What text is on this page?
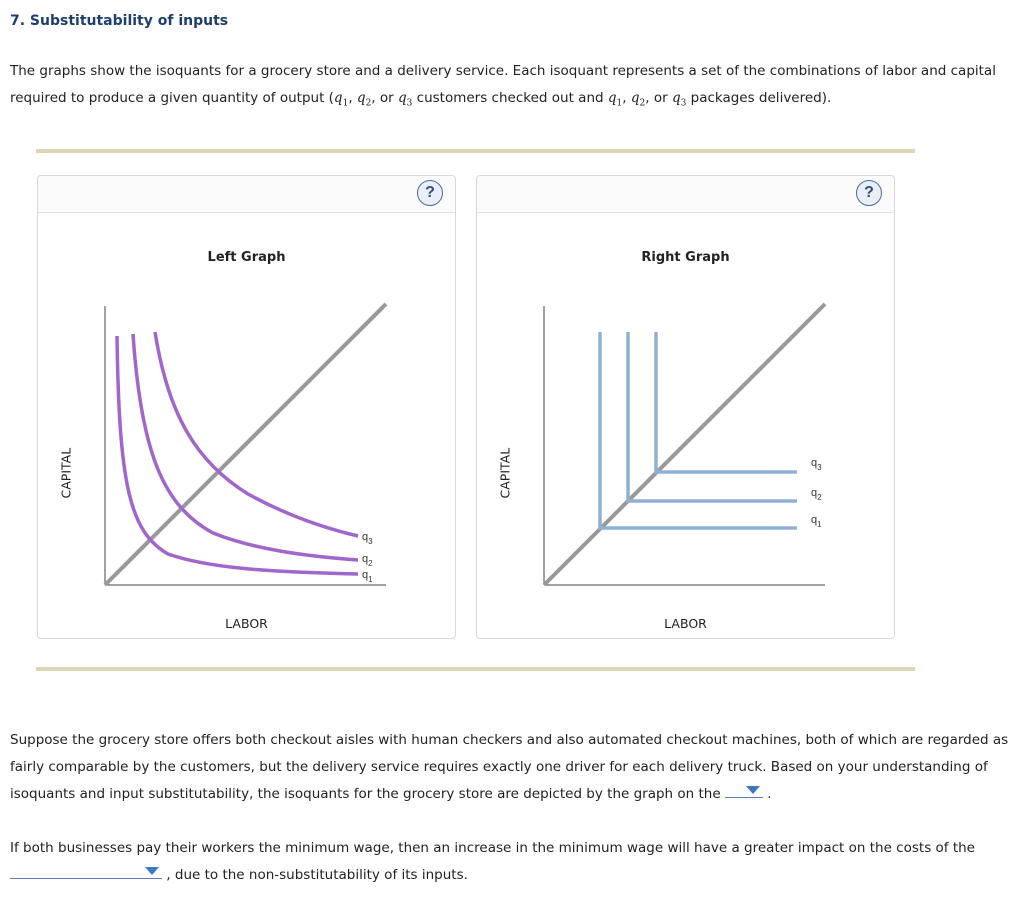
7. Substitutability of inputs
The graphs show the isoquants for a grocery store and a delivery service. Each isoquant represents a set of the combinations of labor and capital
required to produce a given quantity of output ($q_1$, $q_2$, or $q_3$ customers checked out and $q_1$, $q_2$, or $q_3$ packages delivered).
?
Left Graph
CAPITAL
LABOR
$q_3$
$q_2$
$q_1$
?
Right Graph
CAPITAL
LABOR
$q_3$
$q_2$
$q_1$
Suppose the grocery store offers both checkout aisles with human checkers and also automated checkout machines, both of which are regarded as
fairly comparable by the customers, but the delivery service requires exactly one driver for each delivery truck. Based on your understanding of
isoquants and input substitutability, the isoquants for the grocery store are depicted by the graph on the	.
If both businesses pay their workers the minimum wage, then an increase in the minimum wage will have a greater impact on the costs of the
, due to the non-substitutability of its inputs.
